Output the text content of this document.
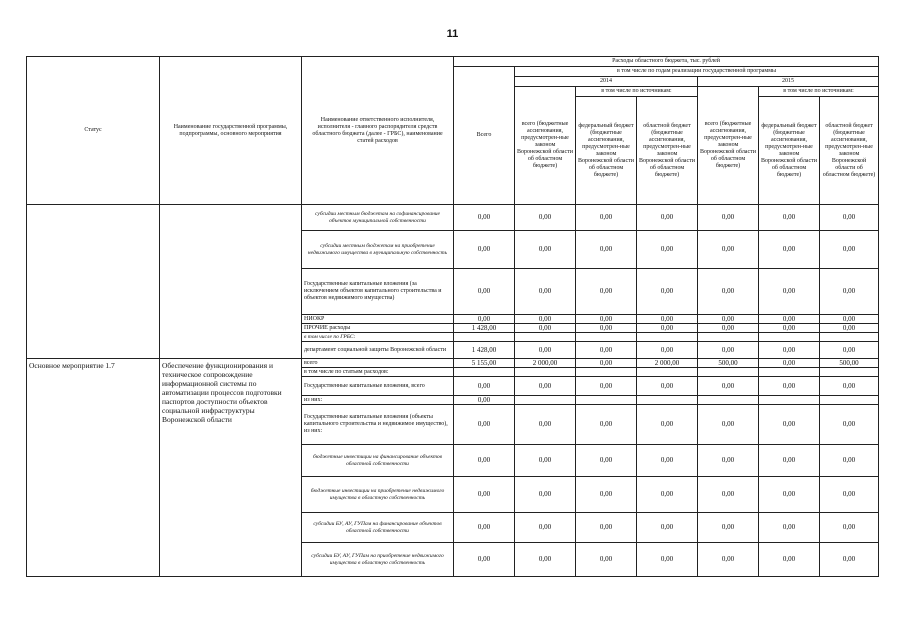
11
Статус	Наименование государственной программы, подпрограммы, основного мероприятия	Наименование ответственного исполнителя, исполнителя - главного распорядителя средств областного бюджета (далее - ГРБС), наименование статей расходов	Расходы областного бюджета, тыс. рублей						
			Всего	в том числе по годам реализации государственной программы					
				2014			2015		
				всего (бюджетные ассигнования, предусмотрен-ные законом Воронежской области об областном бюджете)	в том числе по источникам:		всего (бюджетные ассигнования, предусмотрен-ные законом Воронежской области об областном бюджете)	в том числе по источникам:	
					федеральный бюджет (бюджетные ассигнования, предусмотрен-ные законом Воронежской области об областном бюджете)	областной бюджет (бюджетные ассигнования, предусмотрен-ные законом Воронежской области об областном бюджете)		федеральный бюджет (бюджетные ассигнования, предусмотрен-ные законом Воронежской области об областном бюджете)	областной бюджет (бюджетные ассигнования, предусмотрен-ные законом Воронежской области об областном бюджете)
		субсидии местным бюджетам на софинансирование объектов муниципальной собственности	0,00	0,00	0,00	0,00	0,00	0,00	0,00
		субсидии местным бюджетам на приобретение недвижимого имущества в муниципальную собственность	0,00	0,00	0,00	0,00	0,00	0,00	0,00
		Государственные капитальные вложения (за исключением объектов капитального строительства и объектов недвижимого имущества)	0,00	0,00	0,00	0,00	0,00	0,00	0,00
		НИОКР	0,00	0,00	0,00	0,00	0,00	0,00	0,00
		ПРОЧИЕ расходы	1 428,00	0,00	0,00	0,00	0,00	0,00	0,00
		в том числе по ГРБС:							
		департамент социальной защиты Воронежской области	1 428,00	0,00	0,00	0,00	0,00	0,00	0,00
Основное мероприятие 1.7	Обеспечение функционирования и техническое сопровождение информационной системы по автоматизации процессов подготовки паспортов доступности объектов социальной инфраструктуры Воронежской области	всего	5 155,00	2 000,00	0,00	2 000,00	500,00	0,00	500,00
		в том числе по статьям расходов:							
		Государственные капитальные вложения, всего	0,00	0,00	0,00	0,00	0,00	0,00	0,00
		из них:	0,00						
		Государственные капитальные вложения (объекты капитального строительства и недвижимое имущество), из них:	0,00	0,00	0,00	0,00	0,00	0,00	0,00
		бюджетные инвестиции на финансирование объектов областной собственности	0,00	0,00	0,00	0,00	0,00	0,00	0,00
		бюджетные инвестиции на приобретение недвижимого имущества в областную собственность	0,00	0,00	0,00	0,00	0,00	0,00	0,00
		субсидии БУ, АУ, ГУПам на финансирование объектов областной собственности	0,00	0,00	0,00	0,00	0,00	0,00	0,00
		субсидии БУ, АУ, ГУПам на приобретение недвижимого имущества в областную собственность	0,00	0,00	0,00	0,00	0,00	0,00	0,00
